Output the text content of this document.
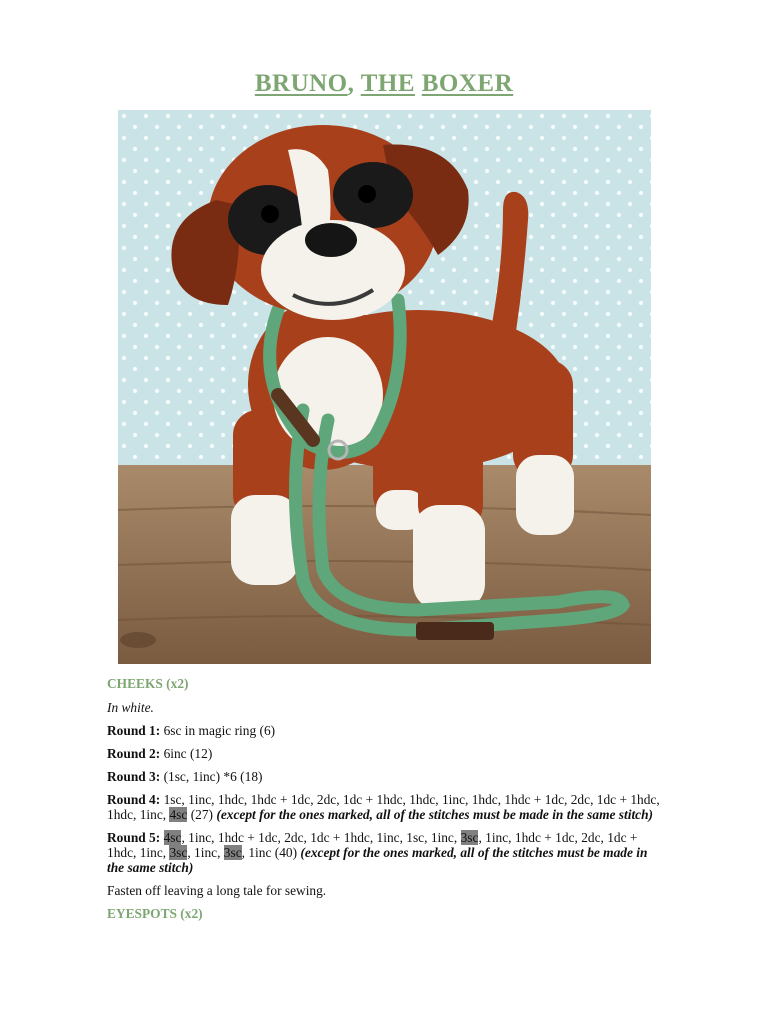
BRUNO, THE BOXER
CHEEKS (x2)
In white.
Round 1: 6sc in magic ring (6)
Round 2: 6inc (12)
Round 3: (1sc, 1inc) *6 (18)
Round 4: 1sc, 1inc, 1hdc, 1hdc + 1dc, 2dc, 1dc + 1hdc, 1hdc, 1inc, 1hdc, 1hdc + 1dc, 2dc, 1dc + 1hdc, 1hdc, 1inc, 4sc (27) (except for the ones marked, all of the stitches must be made in the same stitch)
Round 5: 4sc, 1inc, 1hdc + 1dc, 2dc, 1dc + 1hdc, 1inc, 1sc, 1inc, 3sc, 1inc, 1hdc + 1dc, 2dc, 1dc + 1hdc, 1inc, 3sc, 1inc, 3sc, 1inc (40) (except for the ones marked, all of the stitches must be made in the same stitch)
Fasten off leaving a long tale for sewing.
EYESPOTS (x2)
